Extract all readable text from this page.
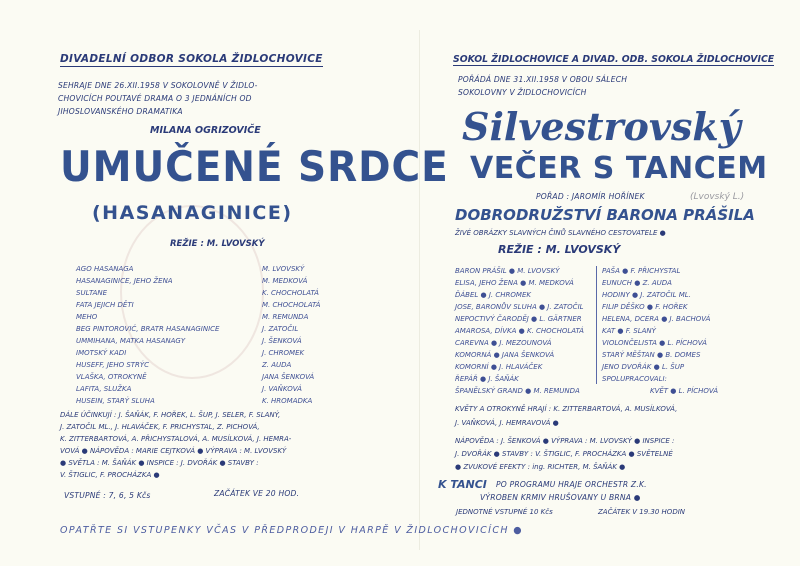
DIVADELNÍ ODBOR SOKOLA ŽIDLOCHOVICE
SEHRAJE DNE 26.XII.1958 V SOKOLOVNĚ V ŽIDLO-
CHOVICÍCH POUTAVÉ DRAMA O 3 JEDNÁNÍCH OD
JIHOSLOVANSKÉHO DRAMATIKA
MILANA OGRIZOVIČE
UMUČENÉ SRDCE
(HASANAGINICE)
REŽIE : M. LVOVSKÝ
AGO HASANAGA	M. LVOVSKÝ
HASANAGINICE, JEHO ŽENA	M. MEDKOVÁ
SULTANE	K. CHOCHOLATÁ
FATA JEJICH DĚTI	M. CHOCHOLATÁ
MEHO	M. REMUNDA
BEG PINTOROVIĆ, BRATR HASANAGINICE	J. ZATOČIL
UMMIHANA, MATKA HASANAGY	J. ŠENKOVÁ
IMOTSKÝ KADI	J. CHROMEK
HUSEFF, JEHO STRÝC	Z. AUDA
VLAŠKA, OTROKYNĚ	JANA ŠENKOVÁ
LAFITA, SLUŽKA	J. VAŇKOVÁ
HUSEIN, STARÝ SLUHA	K. HROMADKA
DÁLE ÚČINKUJÍ : J. ŠAŇÁK, F. HOŘEK, L. ŠUP, J. SELER, F. SLANÝ,
J. ZATOČIL ML., J. HLAVÁČEK, F. PRICHYSTAL, Z. PICHOVÁ,
K. ZITTERBARTOVÁ, A. PŘICHYSTALOVÁ, A. MUSÍLKOVÁ, J. HEMRA-
VOVÁ ● NÁPOVĚDA : MARIE CEJTKOVÁ ● VÝPRAVA : M. LVOVSKÝ
● SVĚTLA : M. ŠAŇÁK ● INSPICE : J. DVOŘÁK ● STAVBY :
V. ŠTIGLIC, F. PROCHÁZKA ●
VSTUPNÉ : 7, 6, 5 Kčs	ZAČÁTEK VE 20 HOD.
SOKOL ŽIDLOCHOVICE A DIVAD. ODB. SOKOLA ŽIDLOCHOVICE
POŘÁDÁ DNE 31.XII.1958 V OBOU SÁLECH
SOKOLOVNY V ŽIDLOCHOVICÍCH
Silvestrovský
VEČER S TANCEM
POŘAD : JAROMÍR HOŘÍNEK	(Lvovský L.)
DOBRODRUŽSTVÍ BARONA PRÁŠILA
ŽIVÉ OBRÁZKY SLAVNÝCH ČINŮ SLAVNÉHO CESTOVATELE ●
REŽIE : M. LVOVSKÝ
BARON PRÁŠIL ● M. LVOVSKÝ
ELISA, JEHO ŽENA ● M. MEDKOVÁ
ĎÁBEL ● J. CHROMEK
JOSE, BARONŮV SLUHA ● J. ZATOČIL
NEPOCTIVÝ ČARODĚJ ● L. GÄRTNER
AMAROSA, DÍVKA ● K. CHOCHOLATÁ
CAREVNA ● J. MEZOUNOVÁ
KOMORNÁ ● JANA ŠENKOVÁ
KOMORNÍ ● J. HLAVÁČEK
ŘEPÁŘ ● J. ŠAŇÁK
ŠPANĚLSKÝ GRAND ● M. REMUNDA
PAŠA ● F. PŘICHYSTAL
EUNUCH ● Z. AUDA
HODINY ● J. ZATOČIL ML.
FILIP DĚŠKO ● F. HOŘEK
HELENA, DCERA ● J. BACHOVÁ
KAT ● F. SLANÝ
VIOLONČELISTA ● L. PÍCHOVÁ
STARÝ MĚŠTAN ● B. DOMES
JENO DVOŘÁK ● L. ŠUP
SPOLUPRACOVALI:
KVĚT ● L. PÍCHOVÁ
KVĚTY A OTROKYNĚ HRAJÍ : K. ZITTERBARTOVÁ, A. MUSÍLKOVÁ,
J. VAŇKOVÁ, J. HEMRAVOVÁ ●
NÁPOVĚDA : J. ŠENKOVÁ ● VÝPRAVA : M. LVOVSKÝ ● INSPICE :
J. DVOŘÁK ● STAVBY : V. ŠTIGLIC, F. PROCHÁZKA ● SVĚTELNÉ
● ZVUKOVÉ EFEKTY : ing. RICHTER, M. ŠAŇÁK ●
K TANCI PO PROGRAMU HRAJE ORCHESTR Z.K.
VÝROBEN KRMIV HRUŠOVANY U BRNA ●
JEDNOTNÉ VSTUPNÉ 10 Kčs	ZAČÁTEK V 19.30 HODIN
OPATŘTE SI VSTUPENKY VČAS V PŘEDPRODEJI V HARPĚ V ŽIDLOCHOVICÍCH ●
